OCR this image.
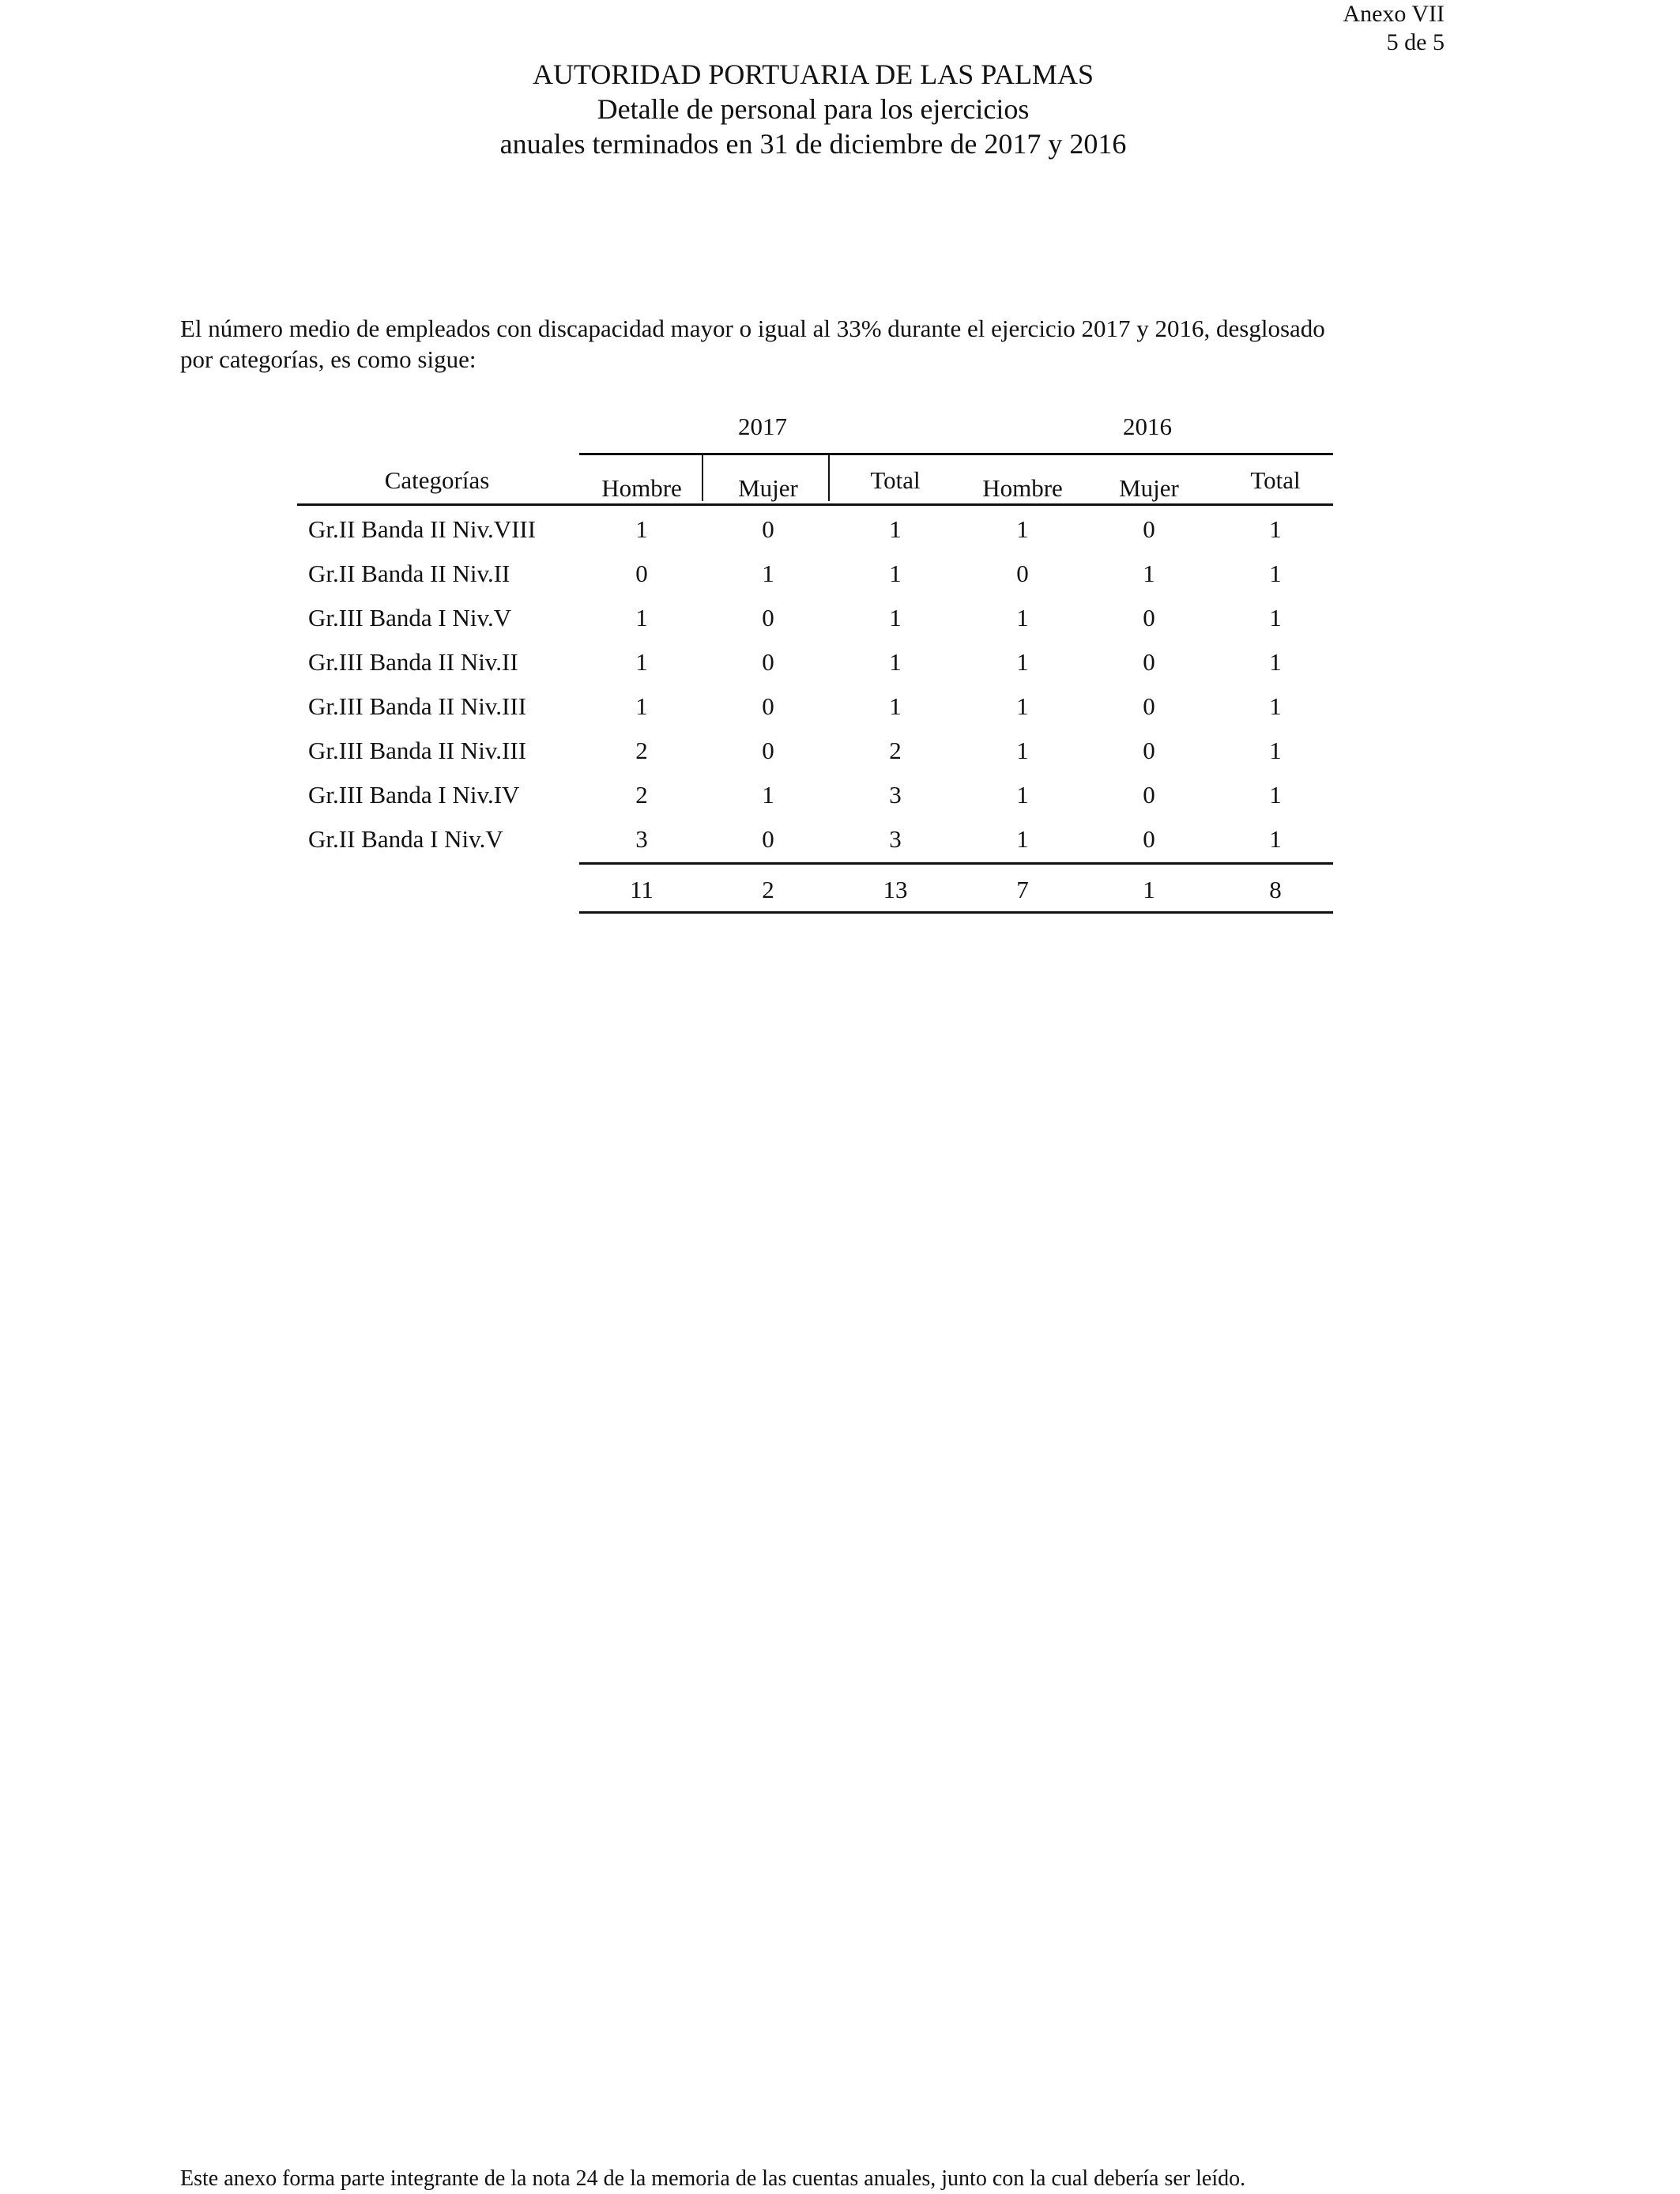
Anexo VII
5 de 5
AUTORIDAD PORTUARIA DE LAS PALMAS
Detalle de personal para los ejercicios
anuales terminados en 31 de diciembre de 2017 y 2016
El número medio de empleados con discapacidad mayor o igual al 33% durante el ejercicio 2017 y 2016, desglosado
por categorías, es como sigue:
2017	2016
Categorías	Hombre	Mujer	Total	Hombre	Mujer	Total
Gr.II Banda II Niv.VIII	1	0	1	1	0	1
Gr.II Banda II Niv.II	0	1	1	0	1	1
Gr.III Banda I Niv.V	1	0	1	1	0	1
Gr.III Banda II Niv.II	1	0	1	1	0	1
Gr.III Banda II Niv.III	1	0	1	1	0	1
Gr.III Banda II Niv.III	2	0	2	1	0	1
Gr.III Banda I Niv.IV	2	1	3	1	0	1
Gr.II Banda I Niv.V	3	0	3	1	0	1
11	2	13	7	1	8
Este anexo forma parte integrante de la nota 24 de la memoria de las cuentas anuales, junto con la cual debería ser leído.
